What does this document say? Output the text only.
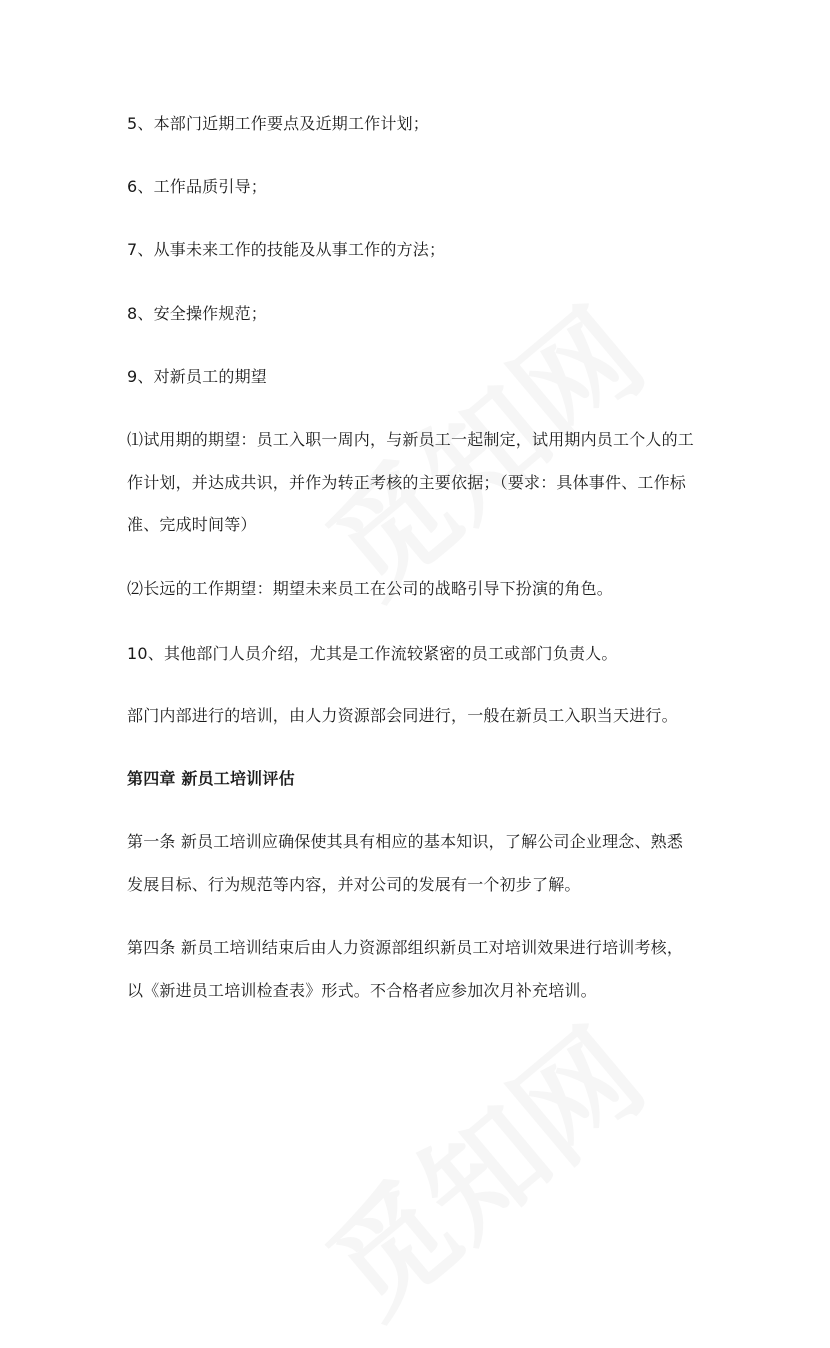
5、本部门近期工作要点及近期工作计划；
6、工作品质引导；
7、从事未来工作的技能及从事工作的方法；
8、安全操作规范；
9、对新员工的期望
⑴试用期的期望：员工入职一周内，与新员工一起制定，试用期内员工个人的工
作计划，并达成共识，并作为转正考核的主要依据；（要求：具体事件、工作标
准、完成时间等）
⑵长远的工作期望：期望未来员工在公司的战略引导下扮演的角色。
10、其他部门人员介绍，尤其是工作流较紧密的员工或部门负责人。
部门内部进行的培训，由人力资源部会同进行，一般在新员工入职当天进行。
第四章 新员工培训评估
第一条 新员工培训应确保使其具有相应的基本知识，了解公司企业理念、熟悉
发展目标、行为规范等内容，并对公司的发展有一个初步了解。
第四条 新员工培训结束后由人力资源部组织新员工对培训效果进行培训考核，
以《新进员工培训检查表》形式。不合格者应参加次月补充培训。
